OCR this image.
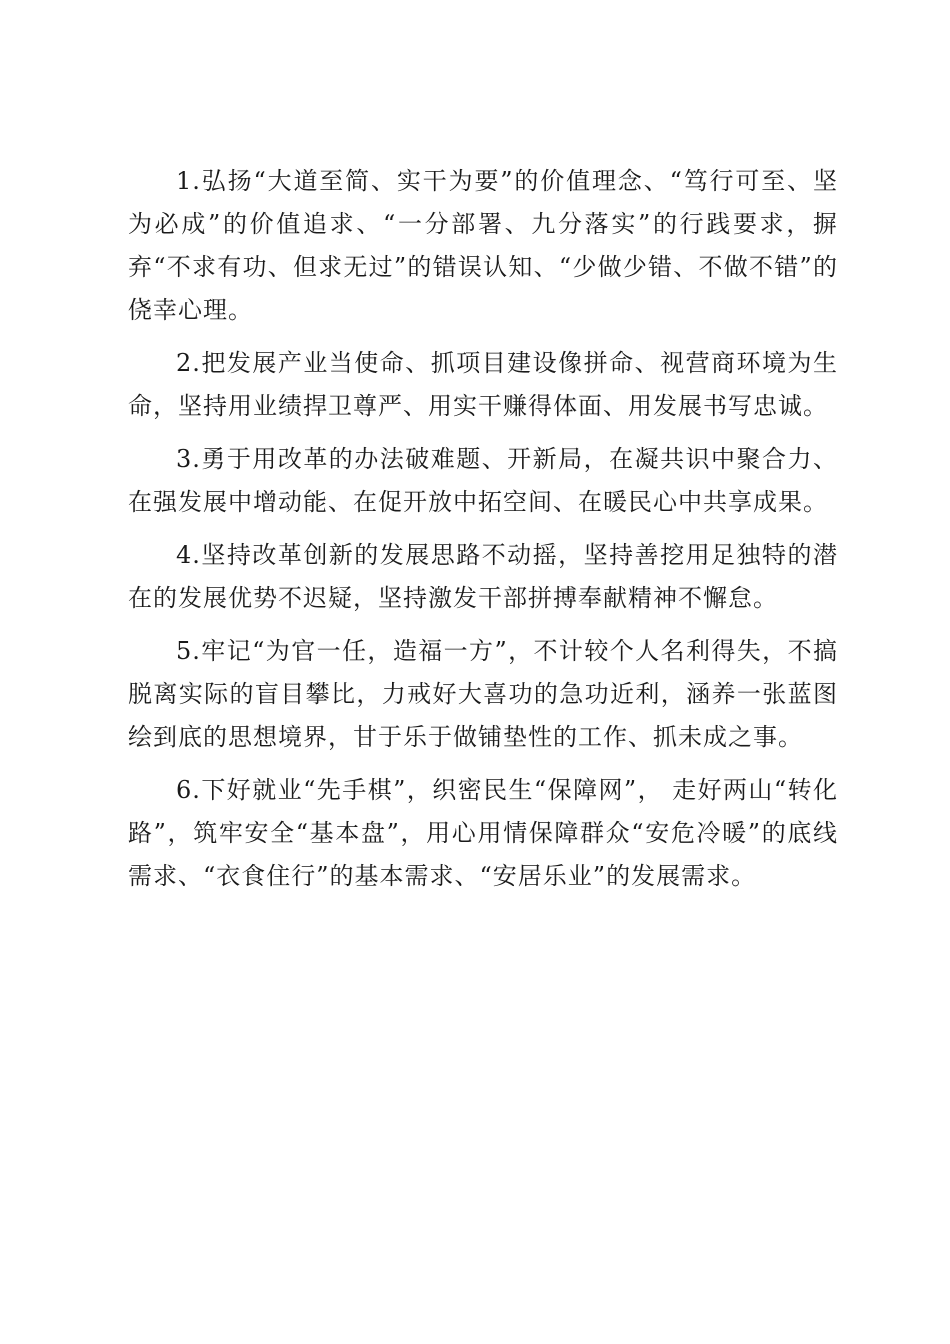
1.弘扬“大道至简、实干为要”的价值理念、“笃行可至、坚为必成”的价值追求、“一分部署、九分落实”的行践要求，摒弃“不求有功、但求无过”的错误认知、“少做少错、不做不错”的侥幸心理。

2.把发展产业当使命、抓项目建设像拼命、视营商环境为生命，坚持用业绩捍卫尊严、用实干赚得体面、用发展书写忠诚。

3.勇于用改革的办法破难题、开新局，在凝共识中聚合力、在强发展中增动能、在促开放中拓空间、在暖民心中共享成果。

4.坚持改革创新的发展思路不动摇，坚持善挖用足独特的潜在的发展优势不迟疑，坚持激发干部拼搏奉献精神不懈怠。

5.牢记“为官一任，造福一方”，不计较个人名利得失，不搞脱离实际的盲目攀比，力戒好大喜功的急功近利，涵养一张蓝图绘到底的思想境界，甘于乐于做铺垫性的工作、抓未成之事。

6.下好就业“先手棋”，织密民生“保障网”， 走好两山“转化路”，筑牢安全“基本盘”，用心用情保障群众“安危冷暖”的底线需求、“衣食住行”的基本需求、“安居乐业”的发展需求。
